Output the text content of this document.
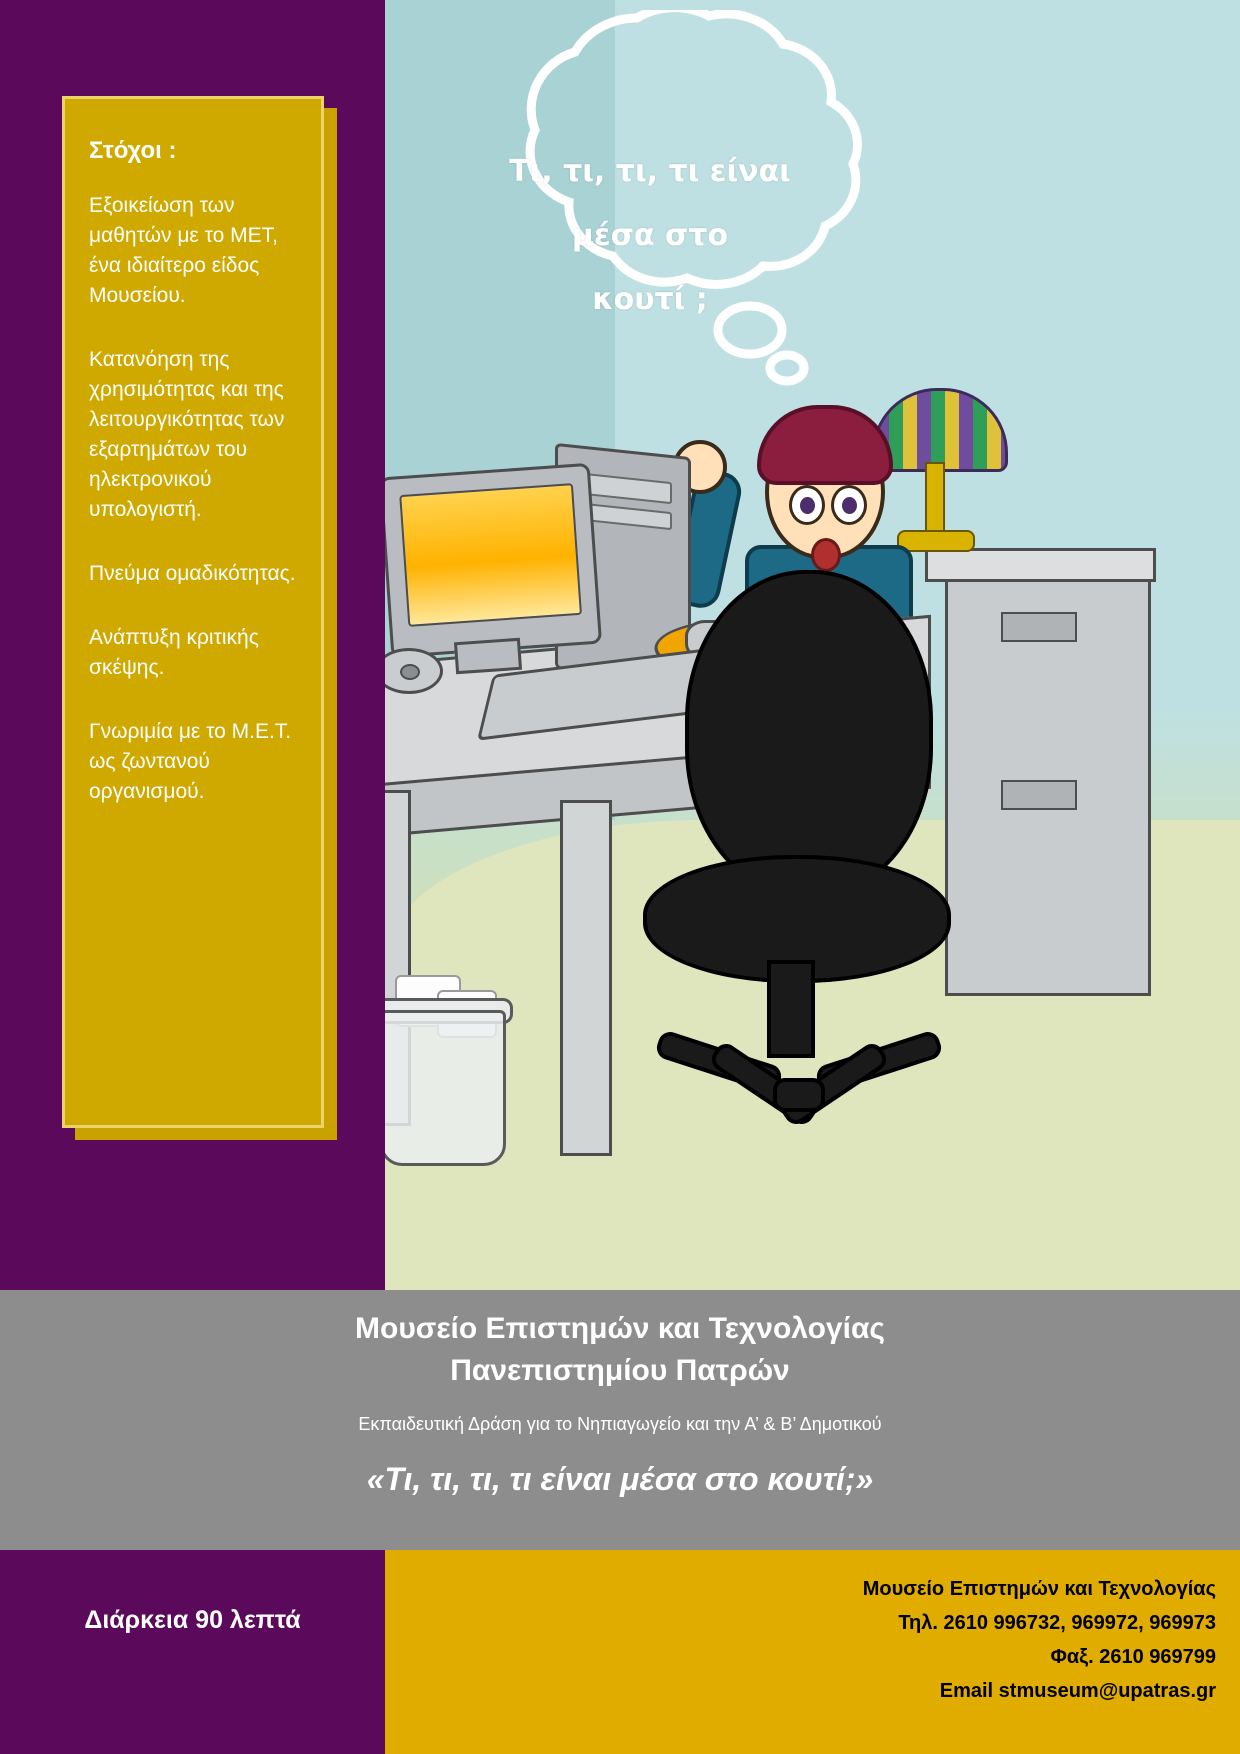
Τι, τι, τι, τι είναι
μέσα στο
κουτί ;
Στόχοι :
Εξοικείωση των μαθητών με το ΜΕΤ, ένα ιδιαίτερο είδος Μουσείου.
Κατανόηση της χρησιμότητας και της λειτουργικότητας των εξαρτημάτων του ηλεκτρονικού υπολογιστή.
Πνεύμα ομαδικότητας.
Ανάπτυξη κριτικής σκέψης.
Γνωριμία με το Μ.Ε.Τ. ως ζωντανού οργανισμού.
Μουσείο Επιστημών και Τεχνολογίας
Πανεπιστημίου Πατρών
Εκπαιδευτική Δράση για το Νηπιαγωγείο και την Α’ & Β’ Δημοτικού
«Τι, τι, τι, τι είναι μέσα στο κουτί;»
Διάρκεια 90 λεπτά
Μουσείο Επιστημών και Τεχνολογίας
Τηλ. 2610 996732, 969972, 969973
Φαξ. 2610 969799
Email stmuseum@upatras.gr
